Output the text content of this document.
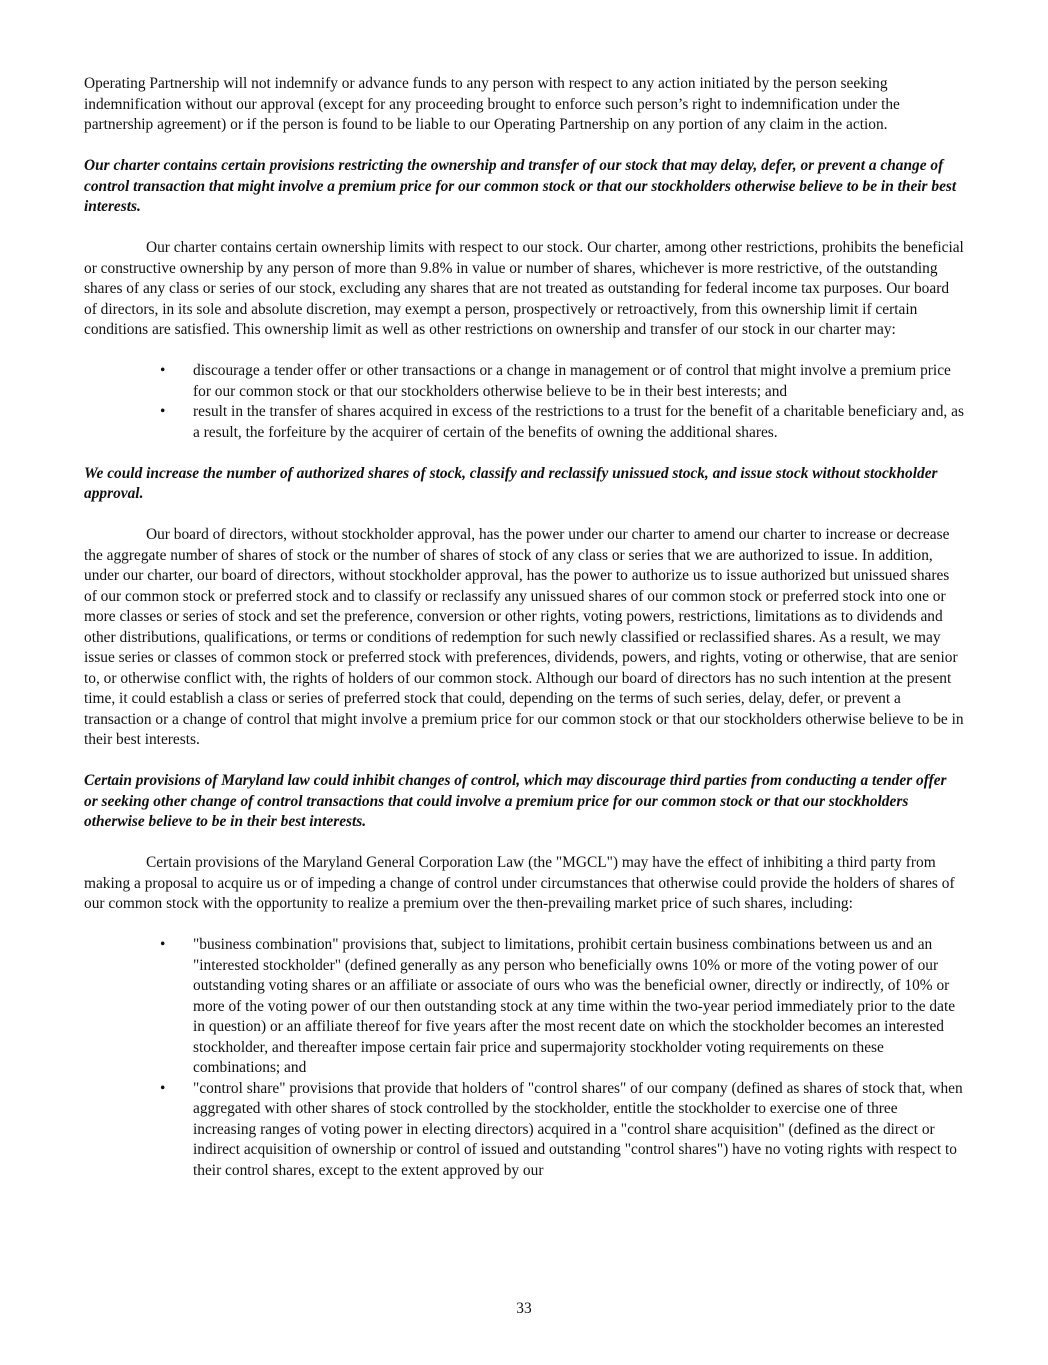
Operating Partnership will not indemnify or advance funds to any person with respect to any action initiated by the person seeking indemnification without our approval (except for any proceeding brought to enforce such person’s right to indemnification under the partnership agreement) or if the person is found to be liable to our Operating Partnership on any portion of any claim in the action.

Our charter contains certain provisions restricting the ownership and transfer of our stock that may delay, defer, or prevent a change of control transaction that might involve a premium price for our common stock or that our stockholders otherwise believe to be in their best interests.

Our charter contains certain ownership limits with respect to our stock. Our charter, among other restrictions, prohibits the beneficial or constructive ownership by any person of more than 9.8% in value or number of shares, whichever is more restrictive, of the outstanding shares of any class or series of our stock, excluding any shares that are not treated as outstanding for federal income tax purposes. Our board of directors, in its sole and absolute discretion, may exempt a person, prospectively or retroactively, from this ownership limit if certain conditions are satisfied. This ownership limit as well as other restrictions on ownership and transfer of our stock in our charter may:

• discourage a tender offer or other transactions or a change in management or of control that might involve a premium price for our common stock or that our stockholders otherwise believe to be in their best interests; and
• result in the transfer of shares acquired in excess of the restrictions to a trust for the benefit of a charitable beneficiary and, as a result, the forfeiture by the acquirer of certain of the benefits of owning the additional shares.

We could increase the number of authorized shares of stock, classify and reclassify unissued stock, and issue stock without stockholder approval.

Our board of directors, without stockholder approval, has the power under our charter to amend our charter to increase or decrease the aggregate number of shares of stock or the number of shares of stock of any class or series that we are authorized to issue. In addition, under our charter, our board of directors, without stockholder approval, has the power to authorize us to issue authorized but unissued shares of our common stock or preferred stock and to classify or reclassify any unissued shares of our common stock or preferred stock into one or more classes or series of stock and set the preference, conversion or other rights, voting powers, restrictions, limitations as to dividends and other distributions, qualifications, or terms or conditions of redemption for such newly classified or reclassified shares. As a result, we may issue series or classes of common stock or preferred stock with preferences, dividends, powers, and rights, voting or otherwise, that are senior to, or otherwise conflict with, the rights of holders of our common stock. Although our board of directors has no such intention at the present time, it could establish a class or series of preferred stock that could, depending on the terms of such series, delay, defer, or prevent a transaction or a change of control that might involve a premium price for our common stock or that our stockholders otherwise believe to be in their best interests.

Certain provisions of Maryland law could inhibit changes of control, which may discourage third parties from conducting a tender offer or seeking other change of control transactions that could involve a premium price for our common stock or that our stockholders otherwise believe to be in their best interests.

Certain provisions of the Maryland General Corporation Law (the "MGCL") may have the effect of inhibiting a third party from making a proposal to acquire us or of impeding a change of control under circumstances that otherwise could provide the holders of shares of our common stock with the opportunity to realize a premium over the then-prevailing market price of such shares, including:

• "business combination" provisions that, subject to limitations, prohibit certain business combinations between us and an "interested stockholder" (defined generally as any person who beneficially owns 10% or more of the voting power of our outstanding voting shares or an affiliate or associate of ours who was the beneficial owner, directly or indirectly, of 10% or more of the voting power of our then outstanding stock at any time within the two-year period immediately prior to the date in question) or an affiliate thereof for five years after the most recent date on which the stockholder becomes an interested stockholder, and thereafter impose certain fair price and supermajority stockholder voting requirements on these combinations; and
• "control share" provisions that provide that holders of "control shares" of our company (defined as shares of stock that, when aggregated with other shares of stock controlled by the stockholder, entitle the stockholder to exercise one of three increasing ranges of voting power in electing directors) acquired in a "control share acquisition" (defined as the direct or indirect acquisition of ownership or control of issued and outstanding "control shares") have no voting rights with respect to their control shares, except to the extent approved by our
33
